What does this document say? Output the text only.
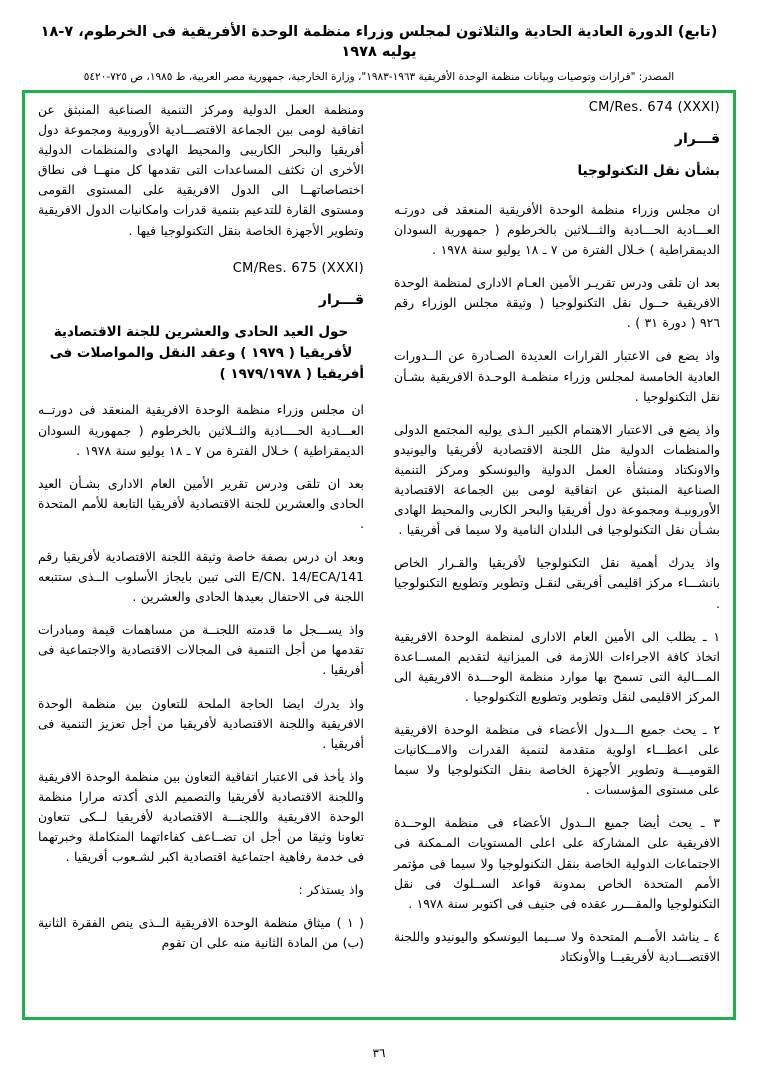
(تابع) الدورة العادية الحادية والثلاثون لمجلس وزراء منظمة الوحدة الأفريقية فى الخرطوم، ٧-١٨ يوليه ١٩٧٨
المصدر: "قرارات وتوصيات وبيانات منظمة الوحدة الأفريقية ١٩٦٣-١٩٨٣"، وزارة الخارجية، جمهورية مصر العربية، ط ١٩٨٥، ص ٧٢٥-٥٤٢٠
CM/Res. 674 (XXXI)
قـــرار
بشأن نقل التكنولوجيا

ان مجلس وزراء منظمة الوحدة الأفريقية المنعقد فى دورتـه العـــادية الحـــادية والثـــلاثين بالخرطوم ( جمهورية السودان الديمقراطية ) خـلال الفترة من ٧ ـ ١٨ يوليو سنة ١٩٧٨ .

بعد ان تلقى ودرس تقريـر الأمين العـام الادارى لمنظمة الوحدة الافريقية حــول نقل التكنولوجيا ( وثيقة مجلس الوزراء رقم ٩٢٦ ( دورة ٣١ ) .

واذ يضع فى الاعتبار القرارات العديدة الصـادرة عن الــدورات العادية الخامسة لمجلس وزراء منظمـة الوحـدة الافريقية بشـأن نقل التكنولوجيا .

واذ يضع فى الاعتبار الاهتمام الكبير الـذى يوليه المجتمع الدولى والمنظمات الدولية مثل اللجنة الاقتصادية لأفريقيا واليونيدو والاونكتاد ومنشأة العمل الدولية واليونسكو ومركز التنمية الصناعية المنبثق عن اتفاقية لومى بين الجماعة الاقتصادية الأوروبيـة ومجموعة دول أفريقيا والبحر الكاربى والمحيط الهادى بشـأن نقل التكنولوجيا فى البلدان النامية ولا سيما فى أفريقيا .

واذ يدرك أهمية نقل التكنولوجيا لأفريقيا والقـرار الخاص بانشـــاء مركز اقليمى أفريقى لنقـل وتطوير وتطويع التكنولوجيا .

١ ـ يطلب الى الأمين العام الادارى لمنظمة الوحدة الافريقية اتخاذ كافة الاجراءات اللازمة فى الميزانية لتقديم المســاعدة المـــالية التى تسمح بها موارد منظمة الوحـــدة الافريقية الى المركز الاقليمى لنقل وتطوير وتطويع التكنولوجيا .

٢ ـ يحث جميع الـــدول الأعضاء فى منظمة الوحدة الافريقية على اعطـــاء اولوية متقدمة لتنمية القدرات والامــكانيات القوميـــة وتطوير الأجهزة الخاصة بنقل التكنولوجيا ولا سيما على مستوى المؤسسات .

٣ ـ يحث أيضا جميع الــدول الأعضاء فى منظمة الوحــدة الافريقية على المشاركة على اعلى المستويات المـمكنة فى الاجتماعات الدولية الخاصة بنقل التكنولوجيا ولا سيما فى مؤتمر الأمم المتحدة الخاص بمدونة قواعد الســلوك فى نقل التكنولوجيا والمقـــرر عقده فى جنيف فى اكتوبر سنة ١٩٧٨ .

٤ ـ يناشد الأمــم المتحدة ولا ســيما اليونسكو واليونيدو واللجنة الاقتصـــادية لأفريقيــا والأونكتاد

ومنظمة العمل الدولية ومركز التنمية الصناعية المنبثق عن اتفاقية لومى بين الجماعة الاقتصـــادية الأوروبية ومجموعة دول أفريقيا والبحر الكاريبى والمحيط الهادى والمنظمات الدولية الأخرى ان تكثف المساعدات التى تقدمها كل منهــا فى نطاق اختصاصاتهــا الى الدول الافريقية على المستوى القومى ومستوى القارة للتدعيم بتنمية قدرات وامكانيات الدول الافريقية وتطوير الأجهزة الخاصة بنقل التكنولوجيا فيها .

CM/Res. 675 (XXXI)
قـــرار
حول العيد الحادى والعشرين للجنة الاقتصادية لأفريقيا ( ١٩٧٩ ) وعقد النقل والمواصلات فى أفريقيا ( ١٩٧٩/١٩٧٨ )

ان مجلس وزراء منظمة الوحدة الافريقية المنعقد فى دورتــه العـــادية الحــــادية والثــلاثين بالخرطوم ( جمهورية السودان الديمقراطية ) خـلال الفترة من ٧ ـ ١٨ يوليو سنة ١٩٧٨ .

بعد ان تلقى ودرس تقرير الأمين العام الادارى بشـأن العيد الحادى والعشرين للجنة الاقتصادية لأفريقيا التابعة للأمم المتحدة .

وبعد ان درس بصفة خاصة وثيقة اللجنة الاقتصادية لأفريقيا رقم E/CN. 14/ECA/141 التى تبين بايجاز الأسلوب الــذى ستتبعه اللجنة فى الاحتفال بعيدها الحادى والعشرين .

واذ يســـجل ما قدمته اللجنــة من مساهمات قيمة ومبادرات تقدمها من أجل التنمية فى المجالات الاقتصادية والاجتماعية فى أفريقيا .

واذ يدرك ايضا الحاجة الملحة للتعاون بين منظمة الوحدة الافريقية واللجنة الاقتصادية لأفريقيا من أجل تعزيز التنمية فى أفريقيا .

واذ يأخذ فى الاعتبار اتفاقية التعاون بين منظمة الوحدة الافريقية واللجنة الاقتصادية لأفريقيا والتصميم الذى أكدته مرارا منظمة الوحدة الافريقية واللجنـــة الاقتصادية لأفريقيا لــكى تتعاون تعاونا وثيقا من أجل ان تضــاعف كفاءاتهما المتكاملة وخبرتهما فى خدمة رفاهية اجتماعية اقتصادية اكبر لشـعوب أفريقيا .

واذ يستذكر :

( ١ ) ميثاق منظمة الوحدة الافريقية الــذى ينص الفقرة الثانية (ب) من المادة الثانية منه على ان تقوم

٣٦
